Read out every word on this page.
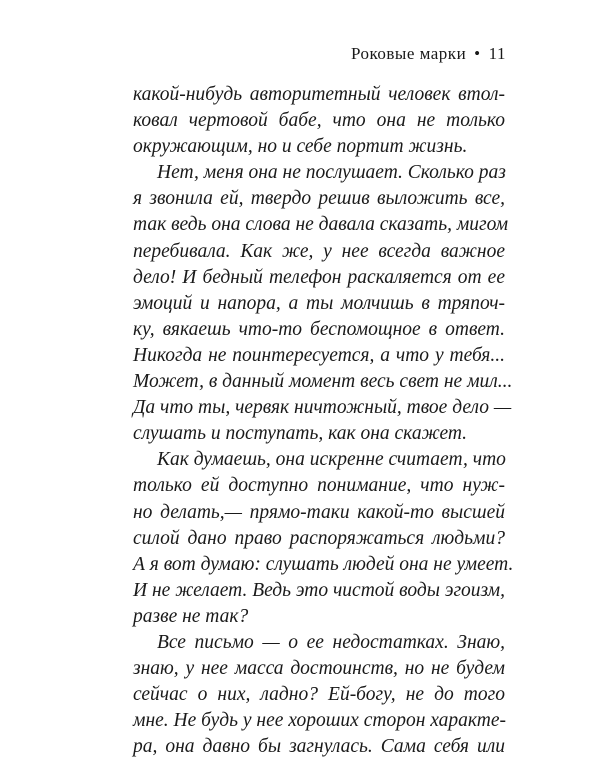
Роковые марки • 11
какой-нибудь авторитетный человек втол-
ковал чертовой бабе, что она не только
окружающим, но и себе портит жизнь.
Нет, меня она не послушает. Сколько раз
я звонила ей, твердо решив выложить все,
так ведь она слова не давала сказать, мигом
перебивала. Как же, у нее всегда важное
дело! И бедный телефон раскаляется от ее
эмоций и напора, а ты молчишь в тряпоч-
ку, вякаешь что-то беспомощное в ответ.
Никогда не поинтересуется, а что у тебя...
Может, в данный момент весь свет не мил...
Да что ты, червяк ничтожный, твое дело —
слушать и поступать, как она скажет.
Как думаешь, она искренне считает, что
только ей доступно понимание, что нуж-
но делать,— прямо-таки какой-то высшей
силой дано право распоряжаться людьми?
А я вот думаю: слушать людей она не умеет.
И не желает. Ведь это чистой воды эгоизм,
разве не так?
Все письмо — о ее недостатках. Знаю,
знаю, у нее масса достоинств, но не будем
сейчас о них, ладно? Ей-богу, не до того
мне. Не будь у нее хороших сторон характе-
ра, она давно бы загнулась. Сама себя или
